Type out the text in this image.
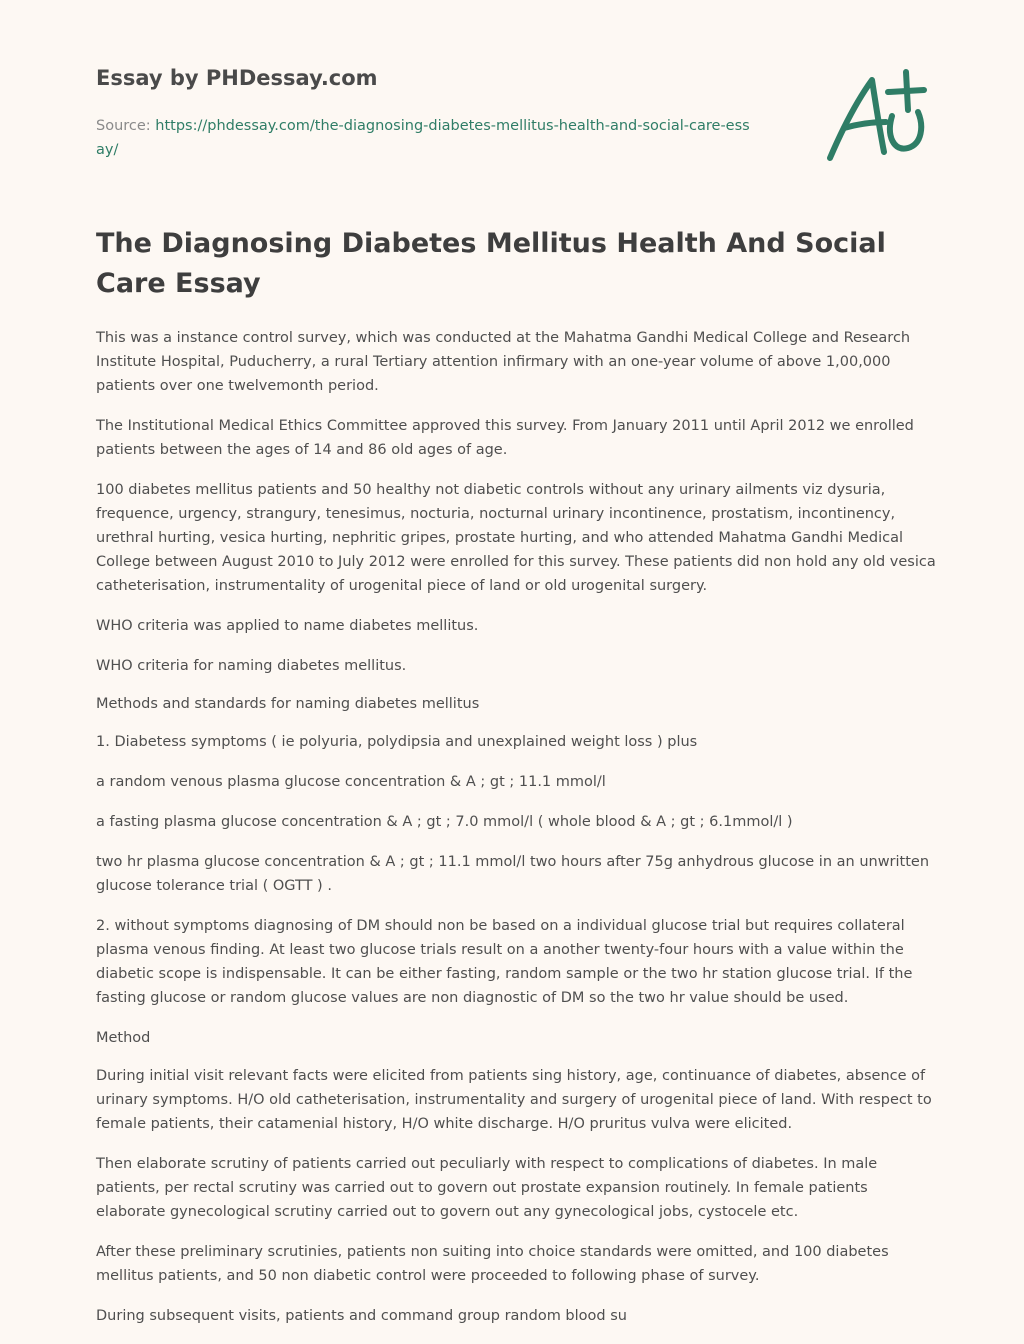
Essay by PHDessay.com

Source: https://phdessay.com/the-diagnosing-diabetes-mellitus-health-and-social-care-essay/
The Diagnosing Diabetes Mellitus Health And Social Care Essay

This was a instance control survey, which was conducted at the Mahatma Gandhi Medical College and Research Institute Hospital, Puducherry, a rural Tertiary attention infirmary with an one-year volume of above 1,00,000 patients over one twelvemonth period.

The Institutional Medical Ethics Committee approved this survey. From January 2011 until April 2012 we enrolled patients between the ages of 14 and 86 old ages of age.

100 diabetes mellitus patients and 50 healthy not diabetic controls without any urinary ailments viz dysuria, frequence, urgency, strangury, tenesimus, nocturia, nocturnal urinary incontinence, prostatism, incontinency, urethral hurting, vesica hurting, nephritic gripes, prostate hurting, and who attended Mahatma Gandhi Medical College between August 2010 to July 2012 were enrolled for this survey. These patients did non hold any old vesica catheterisation, instrumentality of urogenital piece of land or old urogenital surgery.

WHO criteria was applied to name diabetes mellitus.

WHO criteria for naming diabetes mellitus.

Methods and standards for naming diabetes mellitus

1. Diabetess symptoms ( ie polyuria, polydipsia and unexplained weight loss ) plus

a random venous plasma glucose concentration & A ; gt ; 11.1 mmol/l

a fasting plasma glucose concentration & A ; gt ; 7.0 mmol/l ( whole blood & A ; gt ; 6.1mmol/l )

two hr plasma glucose concentration & A ; gt ; 11.1 mmol/l two hours after 75g anhydrous glucose in an unwritten glucose tolerance trial ( OGTT ) .

2. without symptoms diagnosing of DM should non be based on a individual glucose trial but requires collateral plasma venous finding. At least two glucose trials result on a another twenty-four hours with a value within the diabetic scope is indispensable. It can be either fasting, random sample or the two hr station glucose trial. If the fasting glucose or random glucose values are non diagnostic of DM so the two hr value should be used.

Method

During initial visit relevant facts were elicited from patients sing history, age, continuance of diabetes, absence of urinary symptoms. H/O old catheterisation, instrumentality and surgery of urogenital piece of land. With respect to female patients, their catamenial history, H/O white discharge. H/O pruritus vulva were elicited.

Then elaborate scrutiny of patients carried out peculiarly with respect to complications of diabetes. In male patients, per rectal scrutiny was carried out to govern out prostate expansion routinely. In female patients elaborate gynecological scrutiny carried out to govern out any gynecological jobs, cystocele etc.

After these preliminary scrutinies, patients non suiting into choice standards were omitted, and 100 diabetes mellitus patients, and 50 non diabetic control were proceeded to following phase of survey.

During subsequent visits, patients and command group random blood su
